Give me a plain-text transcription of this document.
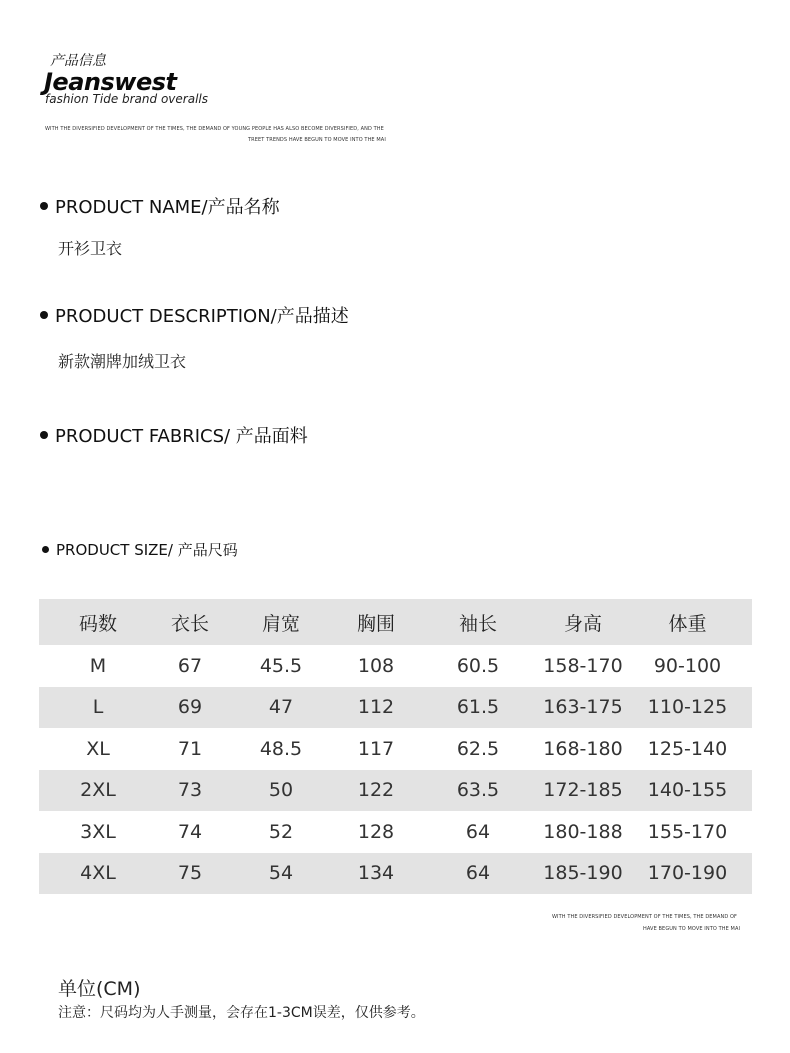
产品信息
Jeanswest
fashion Tide brand overalls
WITH THE DIVERSIFIED DEVELOPMENT OF THE TIMES, THE DEMAND OF YOUNG PEOPLE HAS ALSO BECOME DIVERSIFIED, AND THE
TREET TRENDS HAVE BEGUN TO MOVE INTO THE MAI
PRODUCT NAME/产品名称
开衫卫衣
PRODUCT DESCRIPTION/产品描述
新款潮牌加绒卫衣
PRODUCT FABRICS/ 产品面料
PRODUCT SIZE/ 产品尺码
码数	衣长	肩宽	胸围	袖长	身高	体重
M	67	45.5	108	60.5	158-170	90-100
L	69	47	112	61.5	163-175	110-125
XL	71	48.5	117	62.5	168-180	125-140
2XL	73	50	122	63.5	172-185	140-155
3XL	74	52	128	64	180-188	155-170
4XL	75	54	134	64	185-190	170-190
WITH THE DIVERSIFIED DEVELOPMENT OF THE TIMES, THE DEMAND OF
HAVE BEGUN TO MOVE INTO THE MAI
单位(CM)
注意：尺码均为人手测量，会存在1-3CM误差，仅供参考。
